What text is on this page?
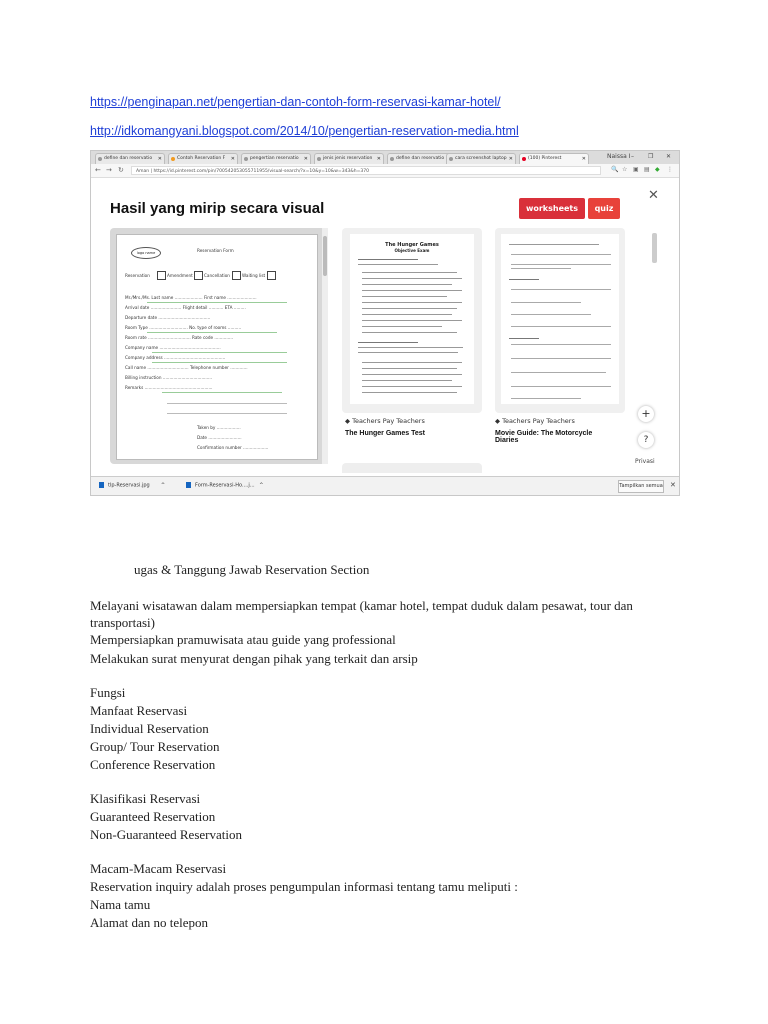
https://penginapan.net/pengertian-dan-contoh-form-reservasi-kamar-hotel/
http://idkomangyani.blogspot.com/2014/10/pengertian-reservation-media.html
define dan reservatio ✕	Contoh Reservation F ✕	pengertian reservatio ✕	jenis jenis reservation ✕	define dan reservatio	cara screenshot laptop ✕	(100) Pinterest	✕	Naissa I – ❐ ✕
← → ↻	Aman | https://id.pinterest.com/pin/700542053055711955/visual-search/?x=10&y=10&w=343&h=370	🔍 ☆ ▣ ▤ ◆ ⋮
Hasil yang mirip secara visual	worksheets	quiz
✕
logo name	Reservation Form
Reservation	Amendment	Cancellation	Waiting list
Mr./Mrs./Ms. Last name ..................... First name ......................
Arrival date ....................... Flight detail ........... ETA .........
Departure date .......................................
Room Type ............................. No. type of rooms ..........
Room rate ................................ Rate code ..............
Company name ..............................................
Company address ..............................................
Call name ............................... Telephone number .............
Billing instruction .....................................
Remarks ...................................................
Taken by ..................
Date .........................
Confirmation number ...................
The Hunger Games
Objective Exam
◆ Teachers Pay Teachers
The Hunger Games Test
◆ Teachers Pay Teachers
Movie Guide: The Motorcycle Diaries
+
?
Privasi
tlp-Reservasi.jpg       ^	Form-Reservasi-Ho....j...   ^	Tampilkan semua ✕
ugas & Tanggung Jawab Reservation Section
Melayani wisatawan dalam mempersiapkan tempat (kamar hotel, tempat duduk dalam pesawat, tour dan
transportasi)
Mempersiapkan pramuwisata atau guide yang professional
Melakukan surat menyurat dengan pihak yang terkait dan arsip
Fungsi
Manfaat Reservasi
Individual Reservation
Group/ Tour Reservation
Conference Reservation
Klasifikasi Reservasi
Guaranteed Reservation
Non-Guaranteed Reservation
Macam-Macam Reservasi
Reservation inquiry adalah proses pengumpulan informasi tentang tamu meliputi :
Nama tamu
Alamat dan no telepon
